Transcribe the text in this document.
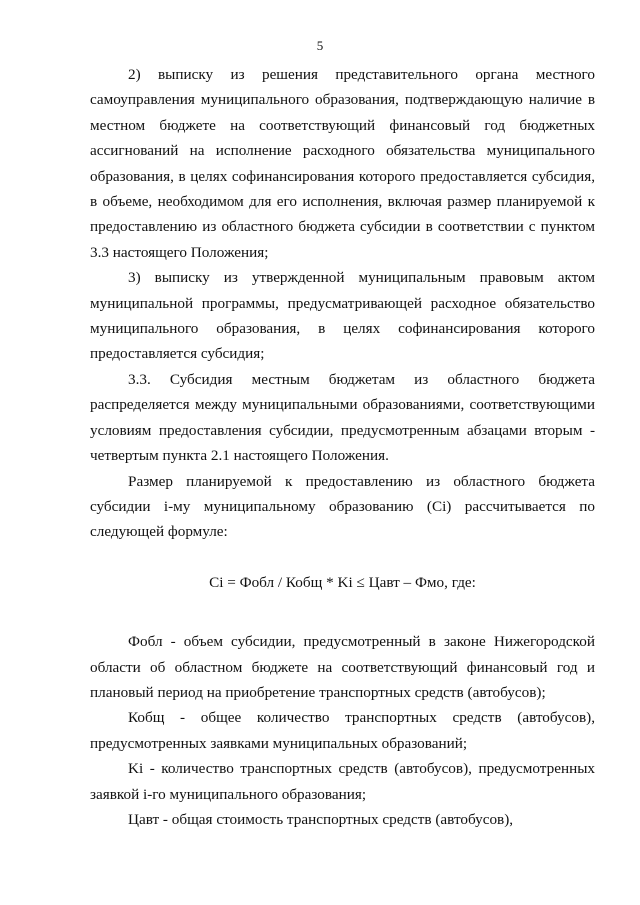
5

2) выписку из решения представительного органа местного самоуправления муниципального образования, подтверждающую наличие в местном бюджете на соответствующий финансовый год бюджетных ассигнований на исполнение расходного обязательства муниципального образования, в целях софинансирования которого предоставляется субсидия, в объеме, необходимом для его исполнения, включая размер планируемой к предоставлению из областного бюджета субсидии в соответствии с пунктом 3.3 настоящего Положения;

3) выписку из утвержденной муниципальным правовым актом муниципальной программы, предусматривающей расходное обязательство муниципального образования, в целях софинансирования которого предоставляется субсидия;

3.3. Субсидия местным бюджетам из областного бюджета распределяется между муниципальными образованиями, соответствующими условиям предоставления субсидии, предусмотренным абзацами вторым - четвертым пункта 2.1 настоящего Положения.

Размер планируемой к предоставлению из областного бюджета субсидии i-му муниципальному образованию (Ci) рассчитывается по следующей формуле:

Ci = Фобл / Кобщ * Ki ≤ Цавт – Фмо, где:

Фобл - объем субсидии, предусмотренный в законе Нижегородской области об областном бюджете на соответствующий финансовый год и плановый период на приобретение транспортных средств (автобусов);

Кобщ - общее количество транспортных средств (автобусов), предусмотренных заявками муниципальных образований;

Ki - количество транспортных средств (автобусов), предусмотренных заявкой i-го муниципального образования;

Цавт - общая стоимость транспортных средств (автобусов),
